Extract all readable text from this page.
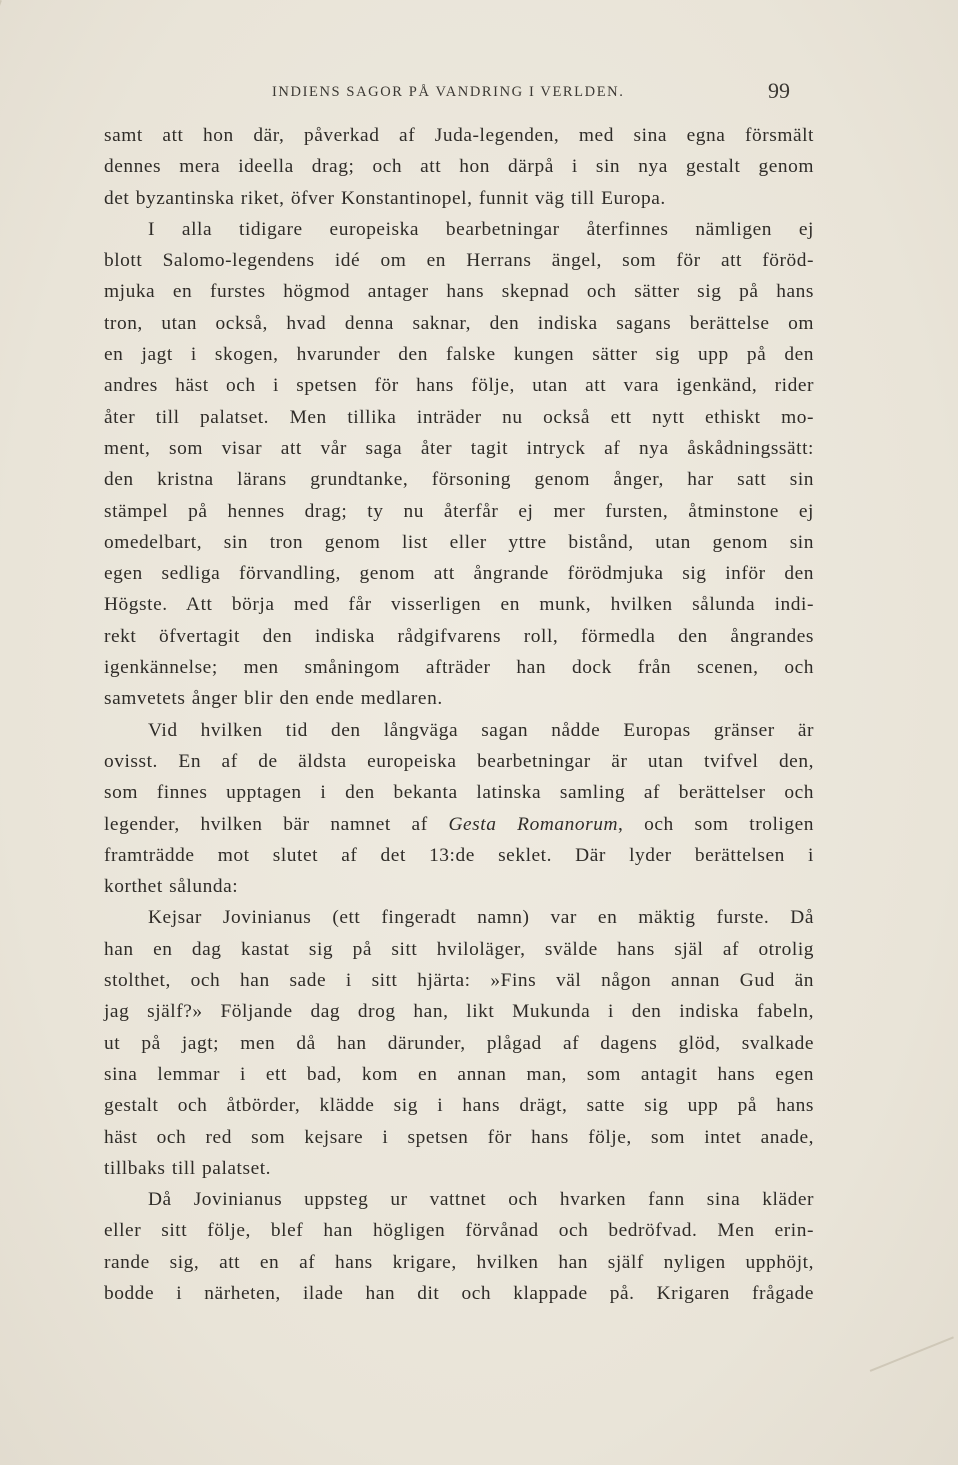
INDIENS SAGOR PÅ VANDRING I VERLDEN.	99
samt att hon där, påverkad af Juda-legenden, med sina egna försmält
dennes mera ideella drag; och att hon därpå i sin nya gestalt genom
det byzantinska riket, öfver Konstantinopel, funnit väg till Europa.
I alla tidigare europeiska bearbetningar återfinnes nämligen ej
blott Salomo-legendens idé om en Herrans ängel, som för att föröd-
mjuka en furstes högmod antager hans skepnad och sätter sig på hans
tron, utan också, hvad denna saknar, den indiska sagans berättelse om
en jagt i skogen, hvarunder den falske kungen sätter sig upp på den
andres häst och i spetsen för hans följe, utan att vara igenkänd, rider
åter till palatset. Men tillika inträder nu också ett nytt ethiskt mo-
ment, som visar att vår saga åter tagit intryck af nya åskådningssätt:
den kristna lärans grundtanke, försoning genom ånger, har satt sin
stämpel på hennes drag; ty nu återfår ej mer fursten, åtminstone ej
omedelbart, sin tron genom list eller yttre bistånd, utan genom sin
egen sedliga förvandling, genom att ångrande förödmjuka sig inför den
Högste. Att börja med får visserligen en munk, hvilken sålunda indi-
rekt öfvertagit den indiska rådgifvarens roll, förmedla den ångrandes
igenkännelse; men småningom afträder han dock från scenen, och
samvetets ånger blir den ende medlaren.
Vid hvilken tid den långväga sagan nådde Europas gränser är
ovisst. En af de äldsta europeiska bearbetningar är utan tvifvel den,
som finnes upptagen i den bekanta latinska samling af berättelser och
legender, hvilken bär namnet af Gesta Romanorum, och som troligen
framträdde mot slutet af det 13:de seklet. Där lyder berättelsen i
korthet sålunda:
Kejsar Jovinianus (ett fingeradt namn) var en mäktig furste. Då
han en dag kastat sig på sitt hviloläger, svälde hans själ af otrolig
stolthet, och han sade i sitt hjärta: »Fins väl någon annan Gud än
jag själf?» Följande dag drog han, likt Mukunda i den indiska fabeln,
ut på jagt; men då han därunder, plågad af dagens glöd, svalkade
sina lemmar i ett bad, kom en annan man, som antagit hans egen
gestalt och åtbörder, klädde sig i hans drägt, satte sig upp på hans
häst och red som kejsare i spetsen för hans följe, som intet anade,
tillbaks till palatset.
Då Jovinianus uppsteg ur vattnet och hvarken fann sina kläder
eller sitt följe, blef han högligen förvånad och bedröfvad. Men erin-
rande sig, att en af hans krigare, hvilken han själf nyligen upphöjt,
bodde i närheten, ilade han dit och klappade på. Krigaren frågade
